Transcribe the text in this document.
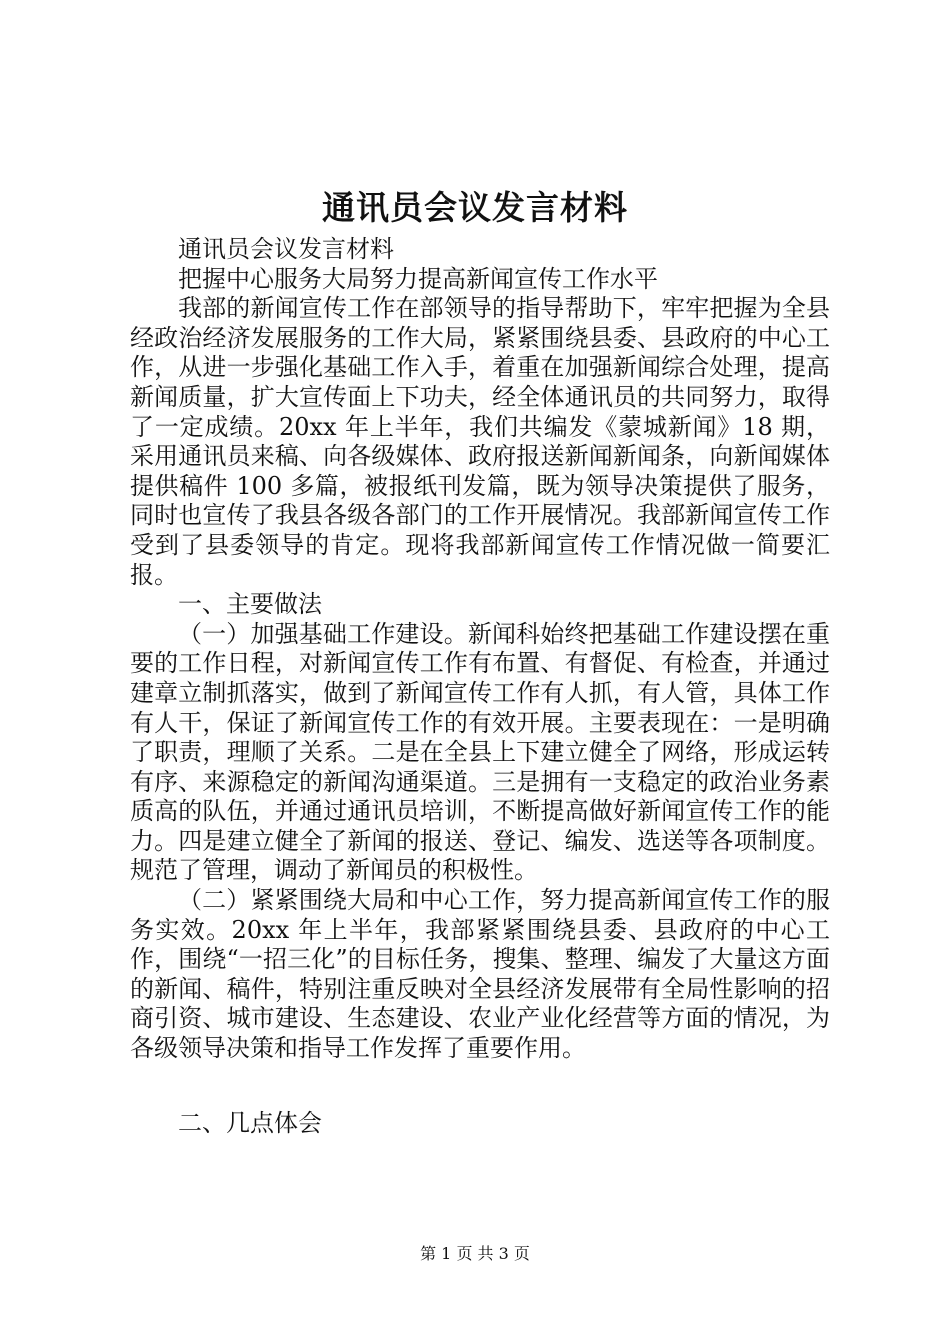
通讯员会议发言材料

通讯员会议发言材料

把握中心服务大局努力提高新闻宣传工作水平

我部的新闻宣传工作在部领导的指导帮助下，牢牢把握为全县经政治经济发展服务的工作大局，紧紧围绕县委、县政府的中心工作，从进一步强化基础工作入手，着重在加强新闻综合处理，提高新闻质量，扩大宣传面上下功夫，经全体通讯员的共同努力，取得了一定成绩。20xx 年上半年，我们共编发《蒙城新闻》18 期，采用通讯员来稿、向各级媒体、政府报送新闻新闻条，向新闻媒体提供稿件 100 多篇，被报纸刊发篇，既为领导决策提供了服务，同时也宣传了我县各级各部门的工作开展情况。我部新闻宣传工作受到了县委领导的肯定。现将我部新闻宣传工作情况做一简要汇报。

一、主要做法

（一）加强基础工作建设。新闻科始终把基础工作建设摆在重要的工作日程，对新闻宣传工作有布置、有督促、有检查，并通过建章立制抓落实，做到了新闻宣传工作有人抓，有人管，具体工作有人干，保证了新闻宣传工作的有效开展。主要表现在：一是明确了职责，理顺了关系。二是在全县上下建立健全了网络，形成运转有序、来源稳定的新闻沟通渠道。三是拥有一支稳定的政治业务素质高的队伍，并通过通讯员培训，不断提高做好新闻宣传工作的能力。四是建立健全了新闻的报送、登记、编发、选送等各项制度。规范了管理，调动了新闻员的积极性。

（二）紧紧围绕大局和中心工作，努力提高新闻宣传工作的服务实效。20xx 年上半年，我部紧紧围绕县委、县政府的中心工作，围绕“一招三化”的目标任务，搜集、整理、编发了大量这方面的新闻、稿件，特别注重反映对全县经济发展带有全局性影响的招商引资、城市建设、生态建设、农业产业化经营等方面的情况，为各级领导决策和指导工作发挥了重要作用。

二、几点体会

第 1 页 共 3 页
